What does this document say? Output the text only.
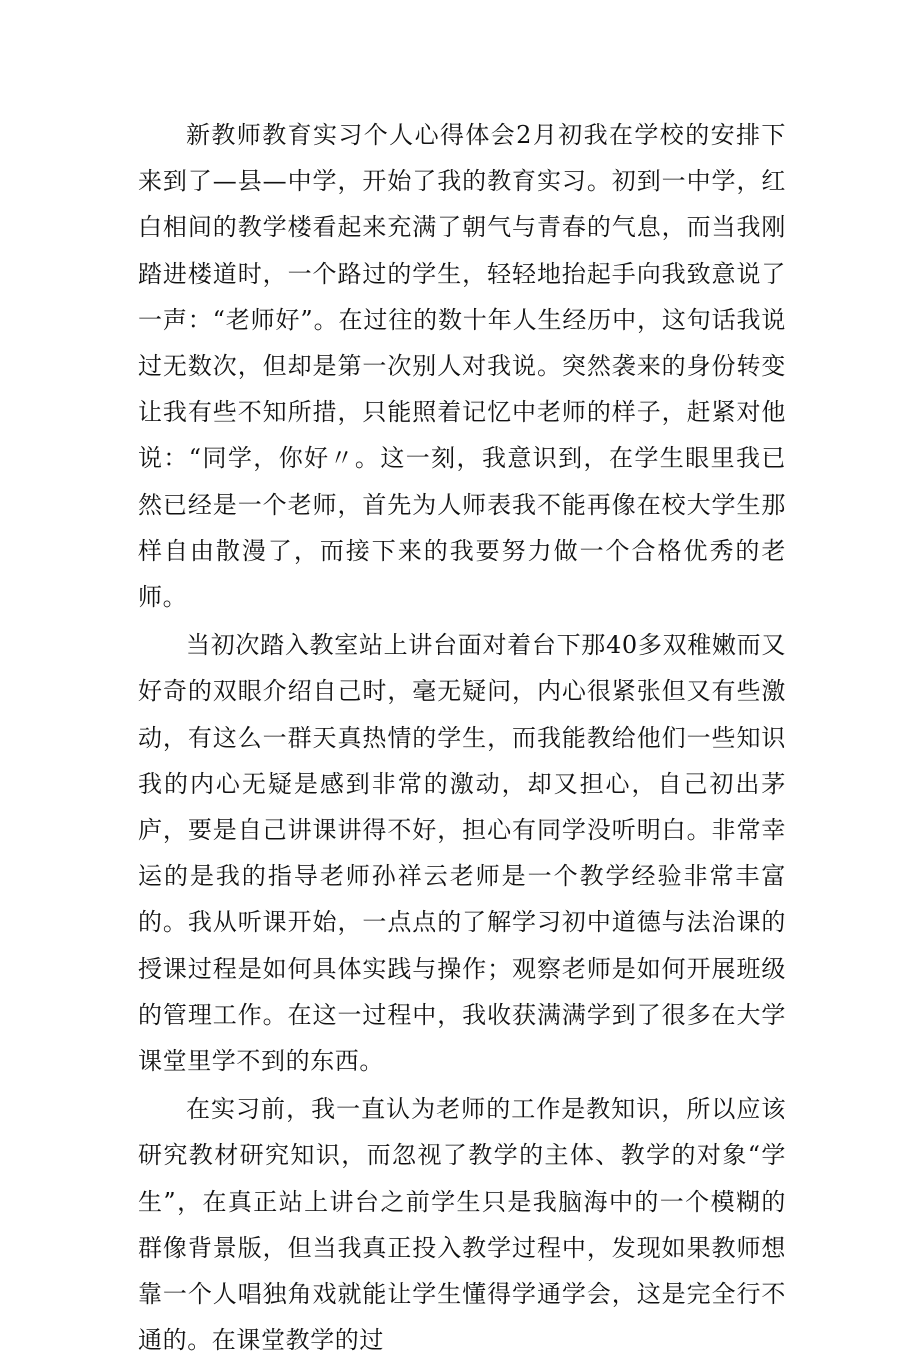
新教师教育实习个人心得体会2月初我在学校的安排下来到了—县—中学，开始了我的教育实习。初到一中学，红白相间的教学楼看起来充满了朝气与青春的气息，而当我刚踏进楼道时，一个路过的学生，轻轻地抬起手向我致意说了一声：“老师好”。在过往的数十年人生经历中，这句话我说过无数次，但却是第一次别人对我说。突然袭来的身份转变让我有些不知所措，只能照着记忆中老师的样子，赶紧对他说：“同学，你好〃。这一刻，我意识到，在学生眼里我已然已经是一个老师，首先为人师表我不能再像在校大学生那样自由散漫了，而接下来的我要努力做一个合格优秀的老师。

当初次踏入教室站上讲台面对着台下那40多双稚嫩而又好奇的双眼介绍自己时，毫无疑问，内心很紧张但又有些激动，有这么一群天真热情的学生，而我能教给他们一些知识我的内心无疑是感到非常的激动，却又担心，自己初出茅庐，要是自己讲课讲得不好，担心有同学没听明白。非常幸运的是我的指导老师孙祥云老师是一个教学经验非常丰富的。我从听课开始，一点点的了解学习初中道德与法治课的授课过程是如何具体实践与操作；观察老师是如何开展班级的管理工作。在这一过程中，我收获满满学到了很多在大学课堂里学不到的东西。

在实习前，我一直认为老师的工作是教知识，所以应该研究教材研究知识，而忽视了教学的主体、教学的对象“学生”，在真正站上讲台之前学生只是我脑海中的一个模糊的群像背景版，但当我真正投入教学过程中，发现如果教师想靠一个人唱独角戏就能让学生懂得学通学会，这是完全行不通的。在课堂教学的过
